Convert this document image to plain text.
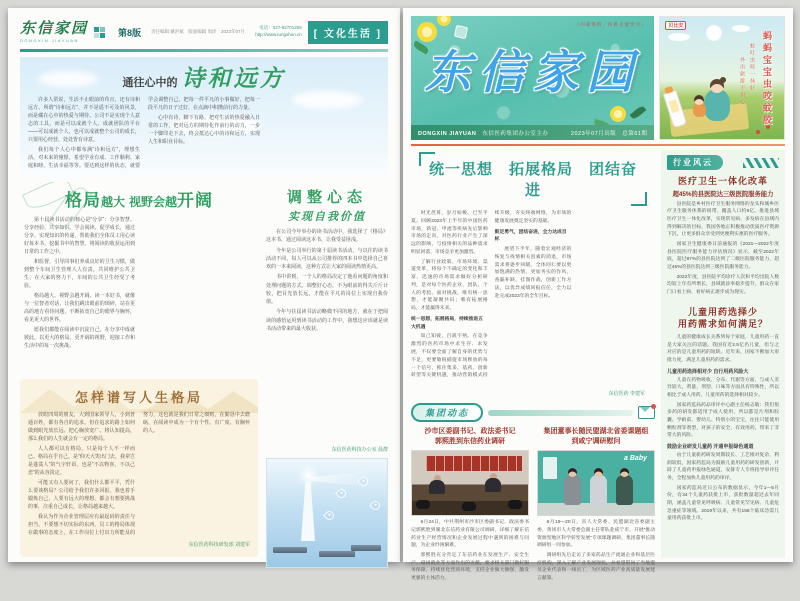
东信家园
DONGXIN JIAYUAN
第8版 责任编辑 戴洪斌　版面编辑 周洋　2023年07月
电话：027-82701206
http://www.tungshun.cn	[ 文化生活 ]
通往心中的 诗和远方

许多人常说，生活不止眼前的苟且，还有诗和远方。所谓“诗和远方”，并不是遥不可及的风景，而是藏在心中的热爱与期待。公司不是实现个人意志的工具，而是可以成就个人、成就团队的平台——可以成就个人，也可以成就整个公司的成长，只要用心经营，处处皆有诗意。

我们每个人心中都布满“诗和远方”，理想生活、对未来的憧憬，希望学业有成、工作顺利、家庭和睦、生活幸福等等。要达到这样的状态，就要学会调整自己，把每一件平凡的小事做好，把每一段平凡的日子过好，在点滴中积攒前行的力量。

心中有诗，脚下有路。把对生活的热爱融入日常的工作，把对远方的期待化作前行的动力，一步一个脚印走下去，终会抵达心中的诗和远方，实现人生和职业目标。

格局越大 视野会越开阔

第十届读书活动的核心是“分享”：分享智慧、分享经验、共享知识。学会阅读、促学成长，通过分享，实现知识的传递，帮助我们全体员工用心读好每本书，挖掘书中的智慧，将阅读的收获运用到日常的工作之中。

和监督，引导同事们养成良好的卫生习惯，做到整个车间卫生管理人人有责，共同维护公共卫生，在大家的努力下，车间的公共卫生经受了考验。

格局越大，视野会越开阔。读一本好书，就像与一位智者对话，让我们跳出眼前的琐碎，站在更高的地方看待问题，不断拓宽自己的眼界与胸怀，看见更大的世界。

愿我们都能在阅读中沉淀自己，在分享中成就彼此，以更大的格局、更开阔的视野，迎接工作和生活中的每一次挑战。

怎样谱写人生格局

放眼四周的朋友，大到国家领导人，小到普通百姓，都有各自的追求。但在追求的路上如何做到眼光放长远、把心胸放宽广、将认知提高，那么我们的人生就会有一定的格局。

人人都可以有格局，只是每个人不一样而已。格局在乎自己，是“仰天大笑出门去，我辈岂是蓬蒿人”的气宇轩昂，也是“不以物喜，不以己悲”的从容淡定。

可能又有人要问了，我们什么都平平，凭什么要谈格局？公司给予我们许多回报，我也着手锻炼自己，人要有远大的理想，都会有想要挑战的事，注重自己成长，让格局越来越大。

我认为作为企业管理层应有最起码的责任与担当，不要想不切实际的东西，员工的格局体现在做事的态度上，在工作岗位上付出力所能及的努力，这也就是我们日常之细则，在勤恳中去磨砺，在阅读中成为一个有个性、有广度、有胸怀的人。

东信医药科技研发部 刘建军
调整心态
实现自我价值

在公司今年举办的读书活动中，我选择了《格局》这本书，通过阅读这本书，让我受益匪浅。

今年是公司举行的第十届读书活动，与以往的读书活动不同，每人可以从公司推荐的四本书中选择自己喜欢的一本来阅读，这种方式让大家的阅读热情更高。

书中讲到，一个人的格局决定了他看问题的角度和处理问题的方式。调整好心态，不为眼前的得失斤斤计较，把目光放长远，才能在平凡的岗位上实现自我价值。

今年与往届读书活动略微不同的地方，就在于把阅读的感悟运用到读书活动的工作中，我想这应该就是读书活动带来的最大收获。

东信医药科技办公室 晨群
（内部资料，仅供交流学习）
东信家园
DONGXIN JIAYUAN　 东信医药集团办公室主办	2023年07月出版　总第61期
贝比安
蚂蚂宝宝虫咬蚊胶
蚊叮虫咬一抹好
外出旅游不担心
统一思想　拓展格局　团结奋进

时光荏苒，岁月如梭，已至半夏。回顾2023年上半年的中国医药市场，新冠、甲流等疾病先后影响市场的走向，对医药行业产生了深远的影响，与疫情相关的品种需求明显回落，市场竞争更加激烈。

了解行业政策、市场环境、渠道变革，将每个不确定的变化和丰富、迅速的市场需求做好分析研判，是对每个医药企业、团队、个人的考验。面对挑战，唯有统一思想，才能凝聚共识；唯有拓展格局，才能赢得未来。

统一思想，拓展格局，持续推进五大机遇

知己知彼，百战不殆。在竞争激烈的医药市场中求生存、求发展，不仅要全面了解自身的优势与不足，更要敏锐捕捉市场释放的每一个信号，抓住集采、基药、创新转型等关键机遇，推动营销模式持续升级，夯实终端网络，为市场的健康发展奠定坚实的基础。

鼓足勇气，团结奋进，全力达成目标

展望下半年，随着宏观经济的恢复与疫情相关因素的消退，市场需求将逐步回暖。全体同仁要以更加饱满的热情、更加务实的作风，查漏补缺、挂图作战，创新工作方法，以优异成绩回报信任，全力以赴完成2023年的全年目标。

东信医药 李建军
集团动态
沙市区委副书记、政法委书记
郭熙胜到东信药业调研

6月24日，中共荆州市沙市区委副书记、政法委书记郭熙胜到湖北东信药业有限公司调研，详细了解东信药业生产经营情况和企业发展过程中遇到的困难与问题，为企业纾困解难。

郭熙胜充分肯定了东信药业在发展生产、安全生产、稳岗就业等方面作出的贡献，要求相关部门做好服务保障，持续优化营商环境，支持企业做大做强，激发更强的主体活力。

集团董事长随民盟湖北省委课题组
到咸宁调研慰问
a Baby

6月19—20日，省人大常委、民盟湖北省委副主委，黄冈市人大常委会副主任带队赴咸宁市，开展“推动资源型地区科学转型发展”专项课题调研，集团董事长随调研组一同参加。

调研组先后走访了多家药品生产流通企业和基层医疗机构，深入了解产业发展现状，并看望慰问了当地盟员企业代表和一线员工，为区域医药产业高质量发展建言献策。

行业风云
医疗卫生一体化改革
超45%的县医院达三级医院服务能力

县医院是乡村医疗卫生服务网络的龙头和城乡医疗卫生服务体系的纽带，覆盖人口约9亿。推进县域医疗卫生一体化改革，实现常见病、多发病在县域内得到解决的目标，我国各地正积极推动优质医疗资源下沉，让更多群众享受到更便利实惠的医疗服务。

国家卫生健康委日前通报的《2021—2022年度县医院医疗服务能力评估情况》显示，截至2022年底，超过87%的县医院达到了二级医院服务能力，超过45%的县医院达到三级医院服务能力。

2022年度，县医院平均诊疗人次和平均出院人数均较上年有所增长，县域就诊率稳步提升，群众在家门口看上病、看好病正逐步成为现实。

儿童用药选择少
用药需求如何满足？

儿童的健康成长关系到每个家庭，儿童用药一直是大家关注的话题。我国有近2.5亿名儿童，但与之对应的是儿童用药的短缺。近年来，国家不断加大审批力度，满足儿童用药的需求。

儿童用药选择相对少 自行用药风险大

儿童在药物吸收、分布、代谢等方面，与成人差异较大，剂量、剂型、口味等方面具有特殊性，所以相比于成人用药，儿童用药的选择相对较少。

国家药监局药品审评中心副主任杨志敏：我们很多药的研发都适用于成人使用，所以都是片剂和胶囊。学龄前、婴幼儿、特别小的宝宝，往往只能使用颗粒剂等剂型，对孩子的安全、有效用药，带来了非常大的风险。

鼓励企业研发儿童药 开通申报绿色通道

由于儿童新药研发周期较长、工艺相对复杂、利润较低，国家药监局为鼓励儿童用药的研发创新，开辟了儿童药申报绿色通道，安排专人专班指导审评任务，全程加快儿童用药的审评。

国家药监局近日公布的数据显示，今年1—5月份，有34个儿童药获批上市，获批数量超过去年同期，涵盖儿童常见呼吸病、儿童常见罕见病、儿童危急重症等领域。2019年以来，共有158个临床急需儿童用药获批上市。
